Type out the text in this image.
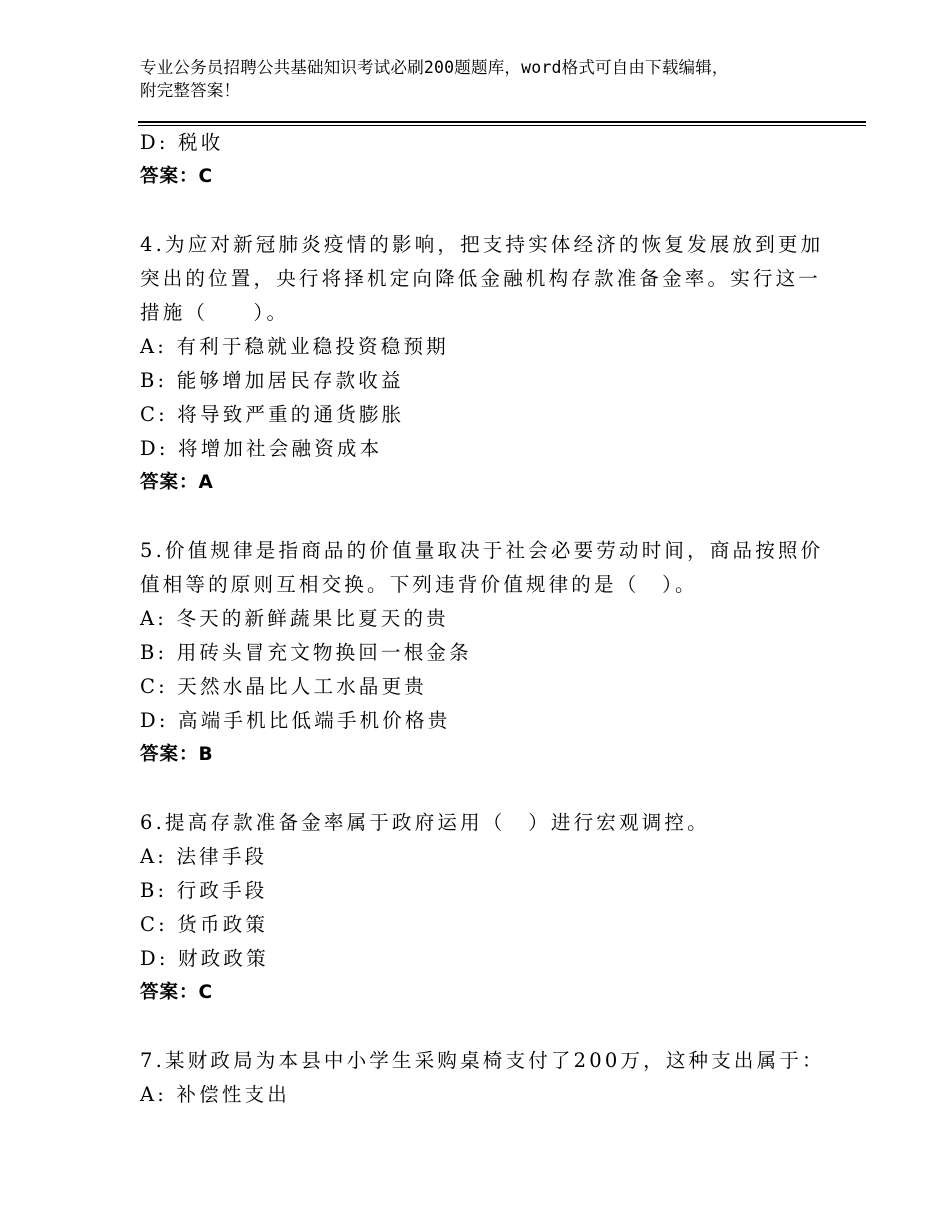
专业公务员招聘公共基础知识考试必刷200题题库，word格式可自由下载编辑，
附完整答案！
D: 税收
答案：C
4.为应对新冠肺炎疫情的影响，把支持实体经济的恢复发展放到更加
突出的位置，央行将择机定向降低金融机构存款准备金率。实行这一
措施（　　）。
A: 有利于稳就业稳投资稳预期
B: 能够增加居民存款收益
C: 将导致严重的通货膨胀
D: 将增加社会融资成本
答案：A
5.价值规律是指商品的价值量取决于社会必要劳动时间，商品按照价
值相等的原则互相交换。下列违背价值规律的是（　）。
A: 冬天的新鲜蔬果比夏天的贵
B: 用砖头冒充文物换回一根金条
C: 天然水晶比人工水晶更贵
D: 高端手机比低端手机价格贵
答案：B
6.提高存款准备金率属于政府运用（　）进行宏观调控。
A: 法律手段
B: 行政手段
C: 货币政策
D: 财政政策
答案：C
7.某财政局为本县中小学生采购桌椅支付了200万，这种支出属于：
A: 补偿性支出
